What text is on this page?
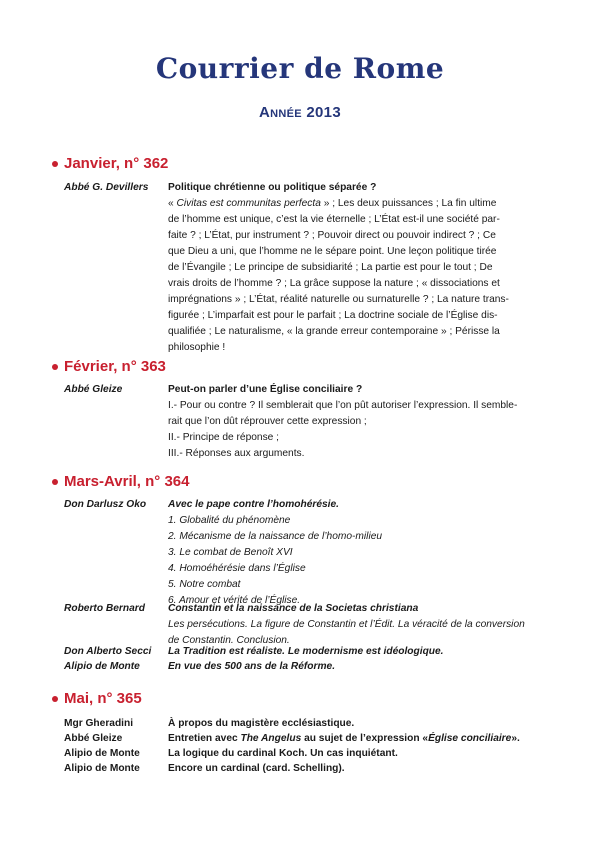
Courrier de Rome
Année 2013
Janvier, n° 362
Abbé G. Devillers	Politique chrétienne ou politique séparée ?
« Civitas est communitas perfecta » ; Les deux puissances ; La fin ultime
de l’homme est unique, c’est la vie éternelle ; L’État est-il une société par-
faite ? ; L’État, pur instrument ? ; Pouvoir direct ou pouvoir indirect ? ; Ce
que Dieu a uni, que l’homme ne le sépare point. Une leçon politique tirée
de l’Évangile ; Le principe de subsidiarité ; La partie est pour le tout ; De
vrais droits de l’homme ? ; La grâce suppose la nature ; « dissociations et
imprégnations » ; L’État, réalité naturelle ou surnaturelle ? ; La nature trans-
figurée ; L’imparfait est pour le parfait ; La doctrine sociale de l’Église dis-
qualifiée ; Le naturalisme, « la grande erreur contemporaine » ; Périsse la
philosophie !
Février, n° 363
Abbé Gleize	Peut-on parler d’une Église conciliaire ?
I.- Pour ou contre ? Il semblerait que l’on pût autoriser l’expression. Il semble-
rait que l’on dût réprouver cette expression ;
II.- Principe de réponse ;
III.- Réponses aux arguments.
Mars-Avril, n° 364
Don Darlusz Oko	Avec le pape contre l’homohérésie.
1. Globalité du phénomène
2. Mécanisme de la naissance de l’homo-milieu
3. Le combat de Benoît XVI
4. Homoéhérésie dans l’Église
5. Notre combat
6. Amour et vérité de l’Église.
Roberto Bernard	Constantin et la naissance de la Societas christiana
Les persécutions. La figure de Constantin et l’Édit. La véracité de la conversion
de Constantin. Conclusion.
Don Alberto Secci	La Tradition est réaliste. Le modernisme est idéologique.
Alipio de Monte	En vue des 500 ans de la Réforme.
Mai, n° 365
Mgr Gheradini	À propos du magistère ecclésiastique.
Abbé Gleize	Entretien avec The Angelus au sujet de l’expression «Église conciliaire».
Alipio de Monte	La logique du cardinal Koch. Un cas inquiétant.
Alipio de Monte	Encore un cardinal (card. Schelling).
